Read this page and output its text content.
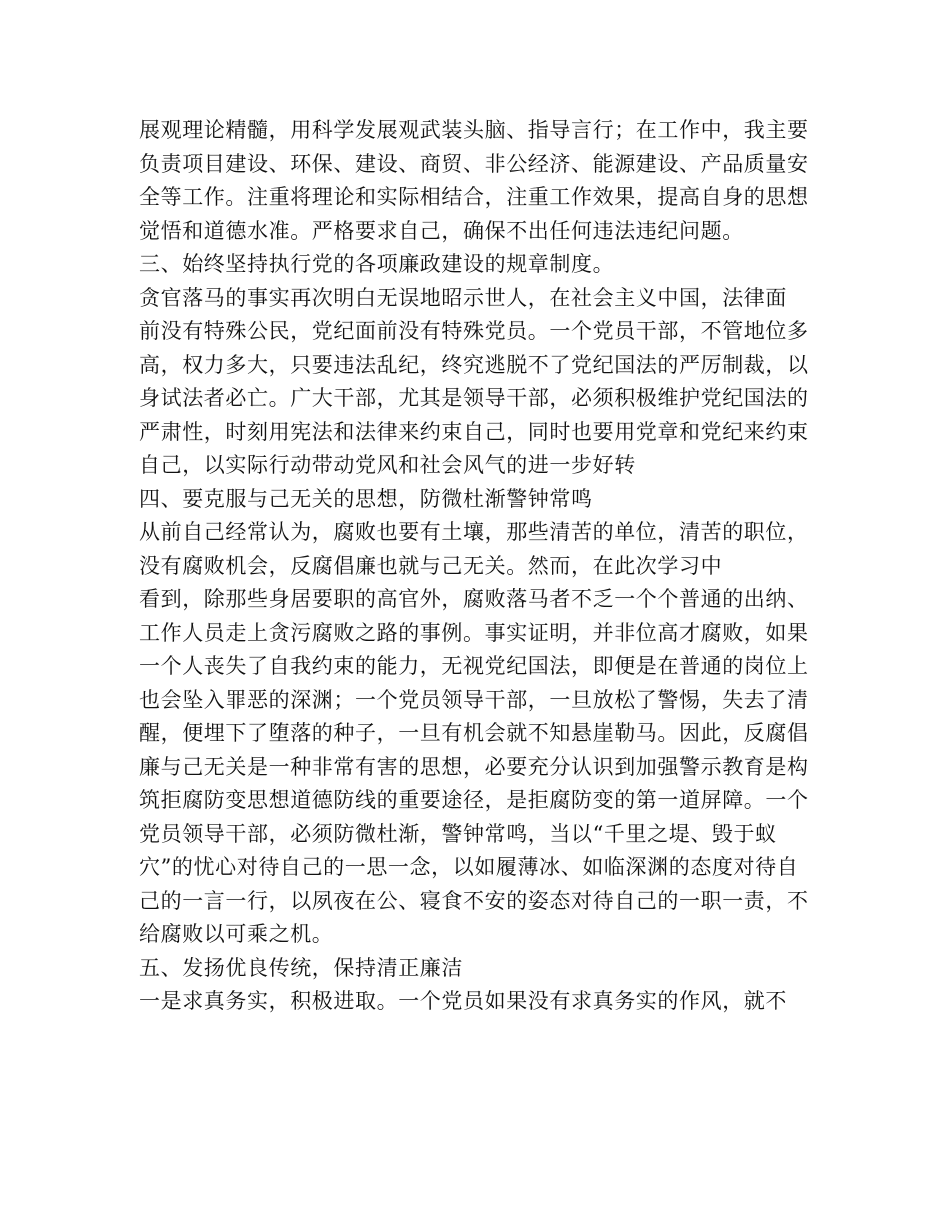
展观理论精髓，用科学发展观武装头脑、指导言行；在工作中，我主要
负责项目建设、环保、建设、商贸、非公经济、能源建设、产品质量安
全等工作。注重将理论和实际相结合，注重工作效果，提高自身的思想
觉悟和道德水准。严格要求自己，确保不出任何违法违纪问题。
三、始终坚持执行党的各项廉政建设的规章制度。
贪官落马的事实再次明白无误地昭示世人，在社会主义中国，法律面
前没有特殊公民，党纪面前没有特殊党员。一个党员干部，不管地位多
高，权力多大，只要违法乱纪，终究逃脱不了党纪国法的严厉制裁，以
身试法者必亡。广大干部，尤其是领导干部，必须积极维护党纪国法的
严肃性，时刻用宪法和法律来约束自己，同时也要用党章和党纪来约束
自己，以实际行动带动党风和社会风气的进一步好转
四、要克服与己无关的思想，防微杜渐警钟常鸣
从前自己经常认为，腐败也要有土壤，那些清苦的单位，清苦的职位，
没有腐败机会，反腐倡廉也就与己无关。然而，在此次学习中
看到，除那些身居要职的高官外，腐败落马者不乏一个个普通的出纳、
工作人员走上贪污腐败之路的事例。事实证明，并非位高才腐败，如果
一个人丧失了自我约束的能力，无视党纪国法，即便是在普通的岗位上
也会坠入罪恶的深渊；一个党员领导干部，一旦放松了警惕，失去了清
醒，便埋下了堕落的种子，一旦有机会就不知悬崖勒马。因此，反腐倡
廉与己无关是一种非常有害的思想，必要充分认识到加强警示教育是构
筑拒腐防变思想道德防线的重要途径，是拒腐防变的第一道屏障。一个
党员领导干部，必须防微杜渐，警钟常鸣，当以“千里之堤、毁于蚁
穴”的忧心对待自己的一思一念，以如履薄冰、如临深渊的态度对待自
己的一言一行，以夙夜在公、寝食不安的姿态对待自己的一职一责，不
给腐败以可乘之机。
五、发扬优良传统，保持清正廉洁
一是求真务实，积极进取。一个党员如果没有求真务实的作风，就不
